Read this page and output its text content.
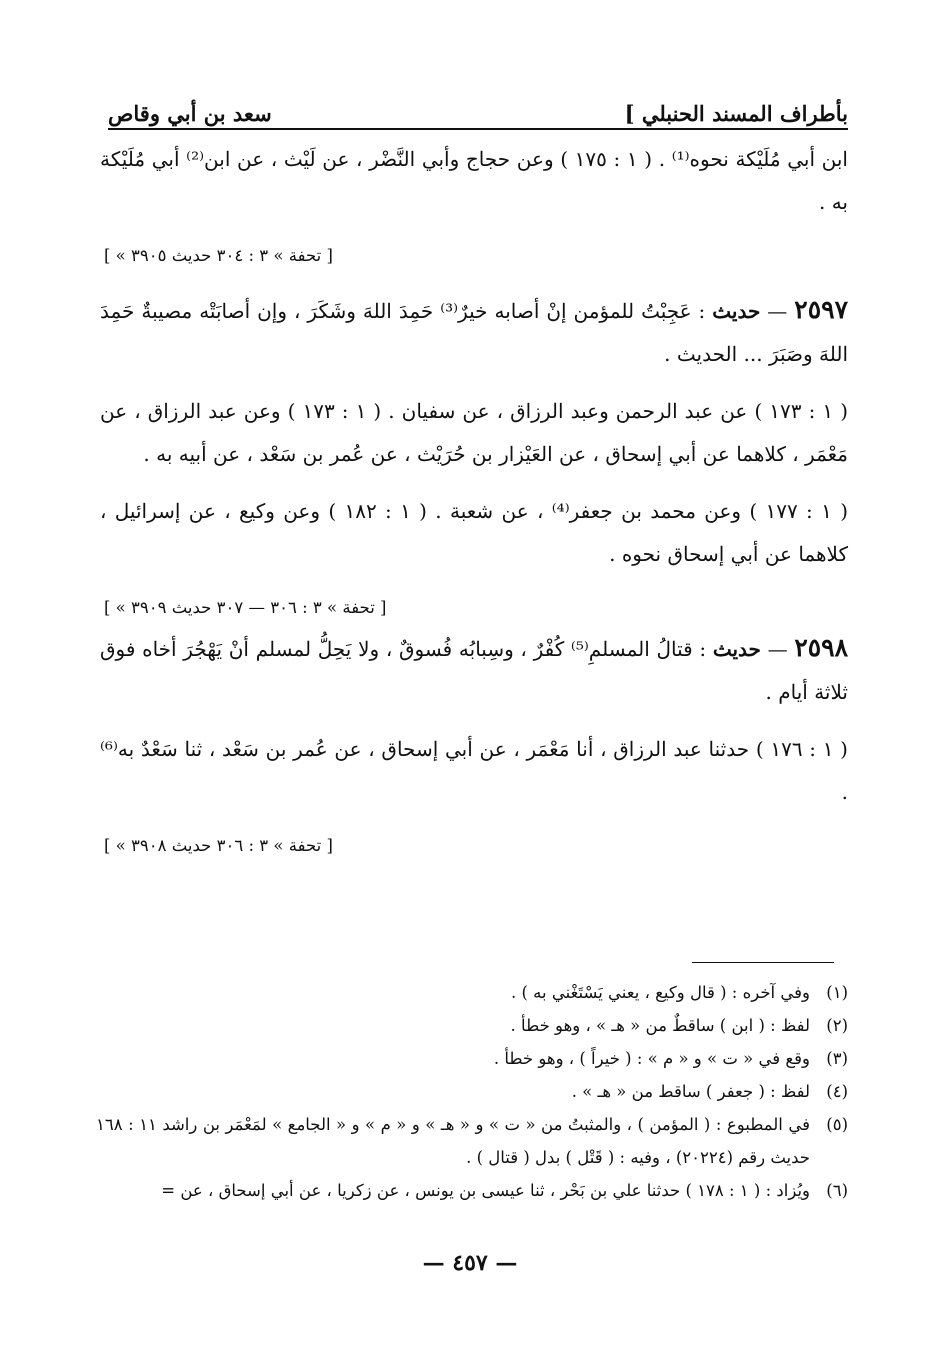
بأطراف المسند الحنبلي ]
سعد بن أبي وقاص

ابن أبي مُلَيْكة نحوه⁽¹⁾ . ( ١ : ١٧٥ ) وعن حجاج وأبي النَّضْر ، عن لَيْث ، عن ابن⁽²⁾ أبي مُلَيْكة به .

[ « تحفة » ٣ : ٣٠٤ حديث ٣٩٠٥ ]

٢٥٩٧ — حديث : عَجِبْتُ للمؤمن إنْ أصابه خيرٌ⁽³⁾ حَمِدَ اللهَ وشَكَرَ ، وإن أصابَتْه مصيبةٌ حَمِدَ اللهَ وصَبَرَ ... الحديث .

( ١ : ١٧٣ ) عن عبد الرحمن وعبد الرزاق ، عن سفيان . ( ١ : ١٧٣ ) وعن عبد الرزاق ، عن مَعْمَر ، كلاهما عن أبي إسحاق ، عن العَيْزار بن حُرَيْث ، عن عُمر بن سَعْد ، عن أبيه به .

( ١ : ١٧٧ ) وعن محمد بن جعفر⁽⁴⁾ ، عن شعبة . ( ١ : ١٨٢ ) وعن وكيع ، عن إسرائيل ، كلاهما عن أبي إسحاق نحوه .

[ « تحفة » ٣ : ٣٠٦ — ٣٠٧ حديث ٣٩٠٩ ]

٢٥٩٨ — حديث : قتالُ المسلمِ⁽⁵⁾ كُفْرٌ ، وسِبابُه فُسوقٌ ، ولا يَحِلُّ لمسلم أنْ يَهْجُرَ أخاه فوق ثلاثة أيام .

( ١ : ١٧٦ ) حدثنا عبد الرزاق ، أنا مَعْمَر ، عن أبي إسحاق ، عن عُمر بن سَعْد ، ثنا سَعْدٌ به⁽⁶⁾ .

[ « تحفة » ٣ : ٣٠٦ حديث ٣٩٠٨ ]

(١)
وفي آخره : ( قال وكيع ، يعني يَسْتَغْني به ) .
(٢)
لفظ : ( ابن ) ساقطٌ من « هـ » ، وهو خطأ .
(٣)
وقع في « ت » و « م » : ( خيراً ) ، وهو خطأ .
(٤)
لفظ : ( جعفر ) ساقط من « هـ » .
(٥)
في المطبوع : ( المؤمن ) ، والمثبتُ من « ت » و « هـ » و « م » و « الجامع » لمَعْمَر بن راشد ١١ : ١٦٨ حديث رقم (٢٠٢٢٤) ، وفيه : ( قَتْل ) بدل ( قتال ) .
(٦)
ويُزاد : ( ١ : ١٧٨ ) حدثنا علي بن بَحْر ، ثنا عيسى بن يونس ، عن زكريا ، عن أبي إسحاق ، عن =
— ٤٥٧ —
